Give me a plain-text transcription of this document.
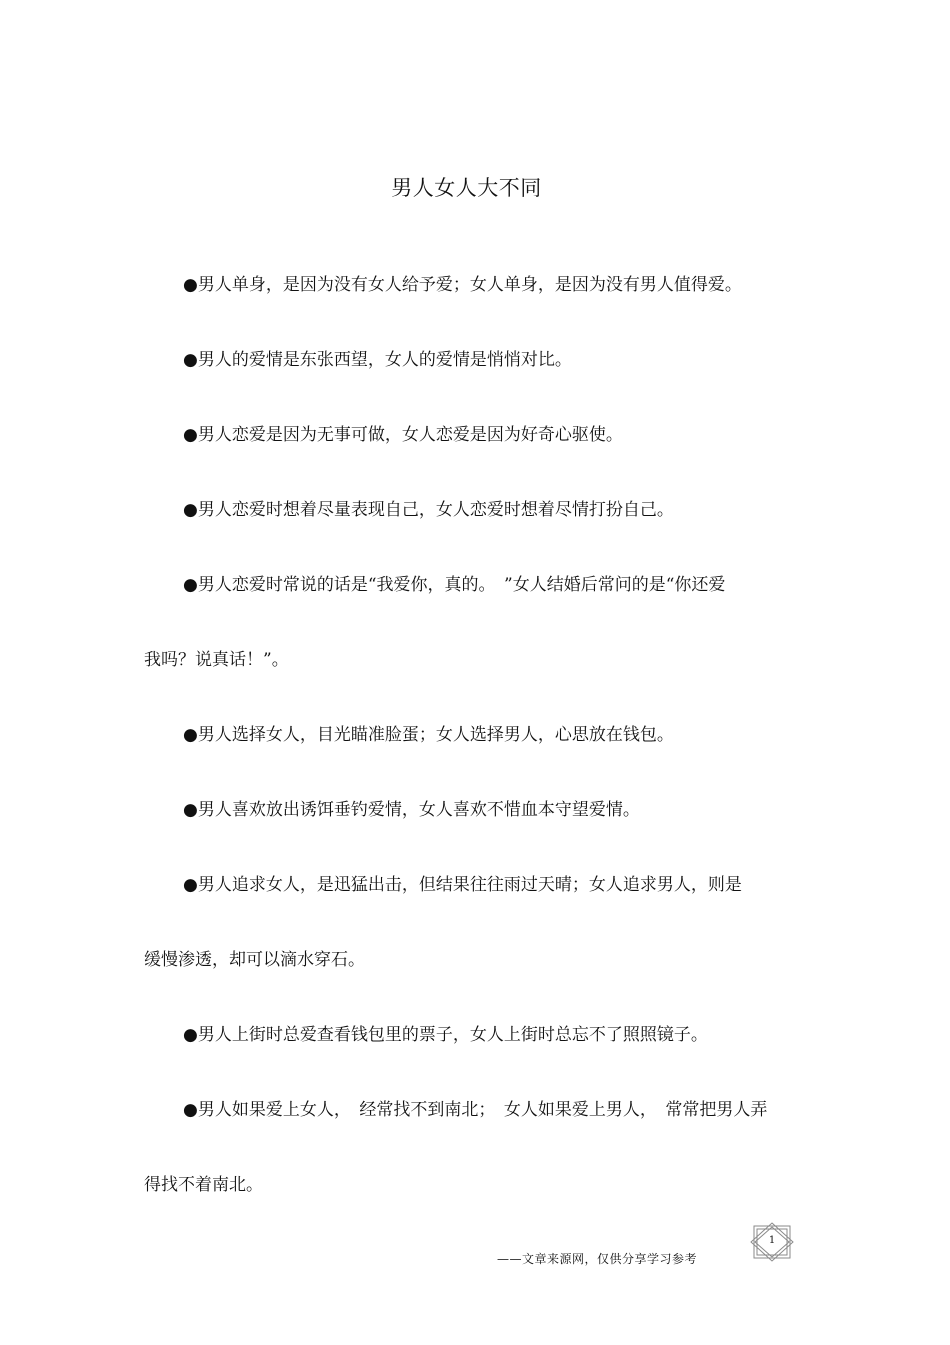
男人女人大不同
●男人单身，是因为没有女人给予爱；女人单身，是因为没有男人值得爱。
●男人的爱情是东张西望，女人的爱情是悄悄对比。
●男人恋爱是因为无事可做，女人恋爱是因为好奇心驱使。
●男人恋爱时想着尽量表现自己，女人恋爱时想着尽情打扮自己。
●男人恋爱时常说的话是“我爱你，真的。　”女人结婚后常问的是“你还爱
我吗？说真话！”。
●男人选择女人，目光瞄准脸蛋；女人选择男人，心思放在钱包。
●男人喜欢放出诱饵垂钓爱情，女人喜欢不惜血本守望爱情。
●男人追求女人，是迅猛出击，但结果往往雨过天晴；女人追求男人，则是
缓慢渗透，却可以滴水穿石。
●男人上街时总爱查看钱包里的票子，女人上街时总忘不了照照镜子。
●男人如果爱上女人，　经常找不到南北；　女人如果爱上男人，　常常把男人弄
得找不着南北。
1
——文章来源网，仅供分享学习参考
